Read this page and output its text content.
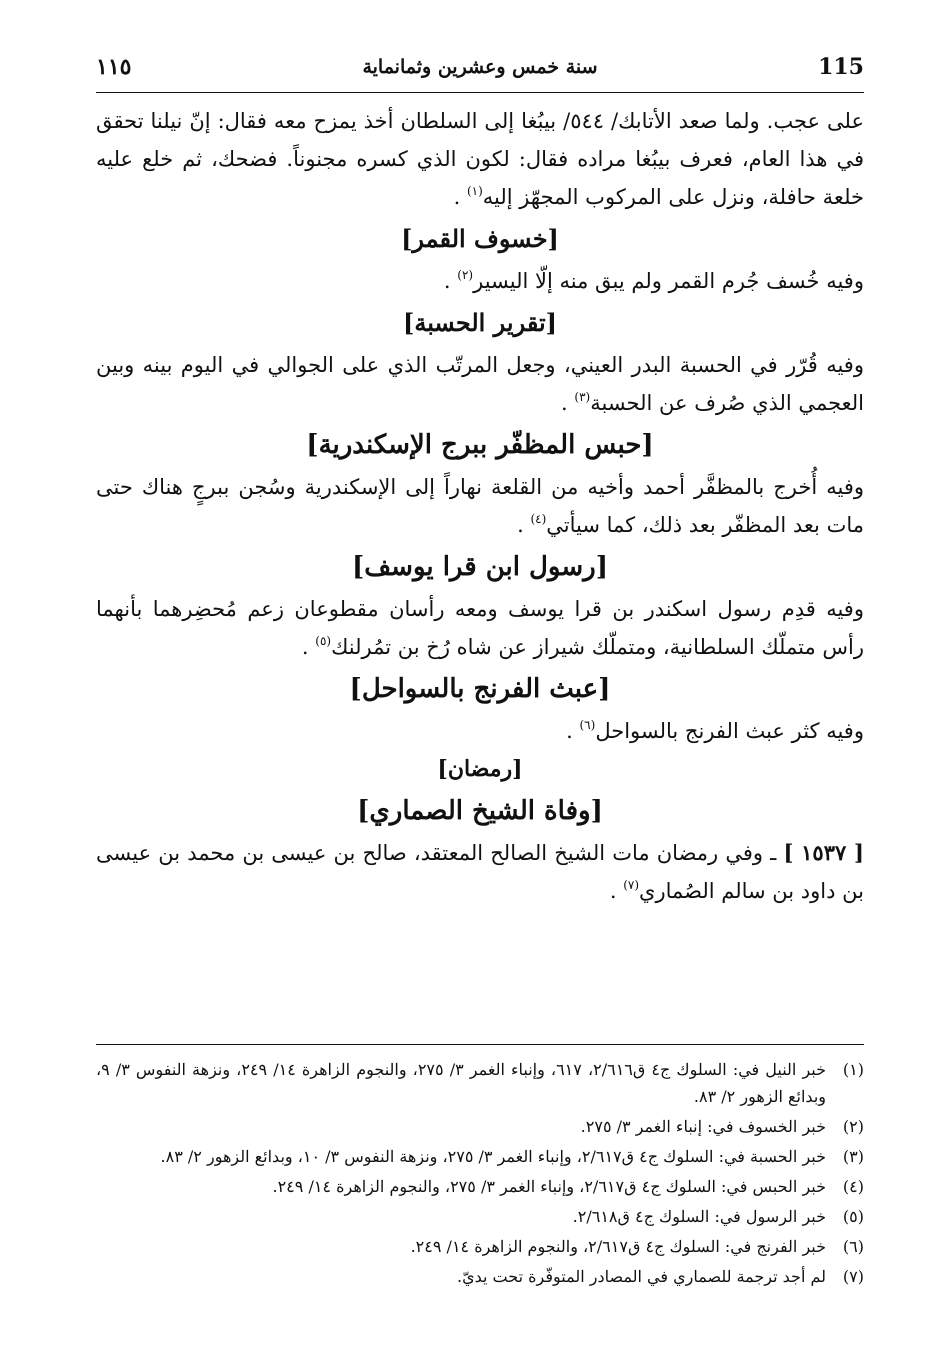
١١٥	سنة خمس وعشرين وثمانماية	115

على عجب. ولما صعد الأتابك/ ٥٤٤/ بيبُغا إلى السلطان أخذ يمزح معه فقال: إنّ نيلنا تحقق في هذا العام، فعرف بيبُغا مراده فقال: لكون الذي كسره مجنوناً. فضحك، ثم خلع عليه خلعة حافلة، ونزل على المركوب المجهّز إليه$^{(١)}$ .

[خسوف القمر]

وفيه خُسف جُرم القمر ولم يبق منه إلّا اليسير$^{(٢)}$ .

[تقرير الحسبة]

وفيه قُرّر في الحسبة البدر العيني، وجعل المرتّب الذي على الجوالي في اليوم بينه وبين العجمي الذي صُرف عن الحسبة$^{(٣)}$ .

[حبس المظفّر ببرج الإسكندرية]

وفيه أُخرج بالمظفَّر أحمد وأخيه من القلعة نهاراً إلى الإسكندرية وسُجن ببرجٍ هناك حتى مات بعد المظفّر بعد ذلك، كما سيأتي$^{(٤)}$ .

[رسول ابن قرا يوسف]

وفيه قدِم رسول اسكندر بن قرا يوسف ومعه رأسان مقطوعان زعم مُحضِرهما بأنهما رأس متملّك السلطانية، ومتملّك شيراز عن شاه رُخ بن تمُرلنك$^{(٥)}$ .

[عبث الفرنج بالسواحل]

وفيه كثر عبث الفرنج بالسواحل$^{(٦)}$ .

[رمضان]
[وفاة الشيخ الصماري]

[ ١٥٣٧ ] ـ وفي رمضان مات الشيخ الصالح المعتقد، صالح بن عيسى بن محمد بن عيسى بن داود بن سالم الصُماري$^{(٧)}$ .

(١)
خبر النيل في: السلوك ج٤ ق٢/٦١٦، ٦١٧، وإنباء الغمر ٣/ ٢٧٥، والنجوم الزاهرة ١٤/ ٢٤٩، ونزهة النفوس ٣/ ٩، وبدائع الزهور ٢/ ٨٣.
(٢)
خبر الخسوف في: إنباء الغمر ٣/ ٢٧٥.
(٣)
خبر الحسبة في: السلوك ج٤ ق٢/٦١٧، وإنباء الغمر ٣/ ٢٧٥، ونزهة النفوس ٣/ ١٠، وبدائع الزهور ٢/ ٨٣.
(٤)
خبر الحبس في: السلوك ج٤ ق٢/٦١٧، وإنباء الغمر ٣/ ٢٧٥، والنجوم الزاهرة ١٤/ ٢٤٩.
(٥)
خبر الرسول في: السلوك ج٤ ق٢/٦١٨.
(٦)
خبر الفرنج في: السلوك ج٤ ق٢/٦١٧، والنجوم الزاهرة ١٤/ ٢٤٩.
(٧)
لم أجد ترجمة للصماري في المصادر المتوفّرة تحت يديّ.
